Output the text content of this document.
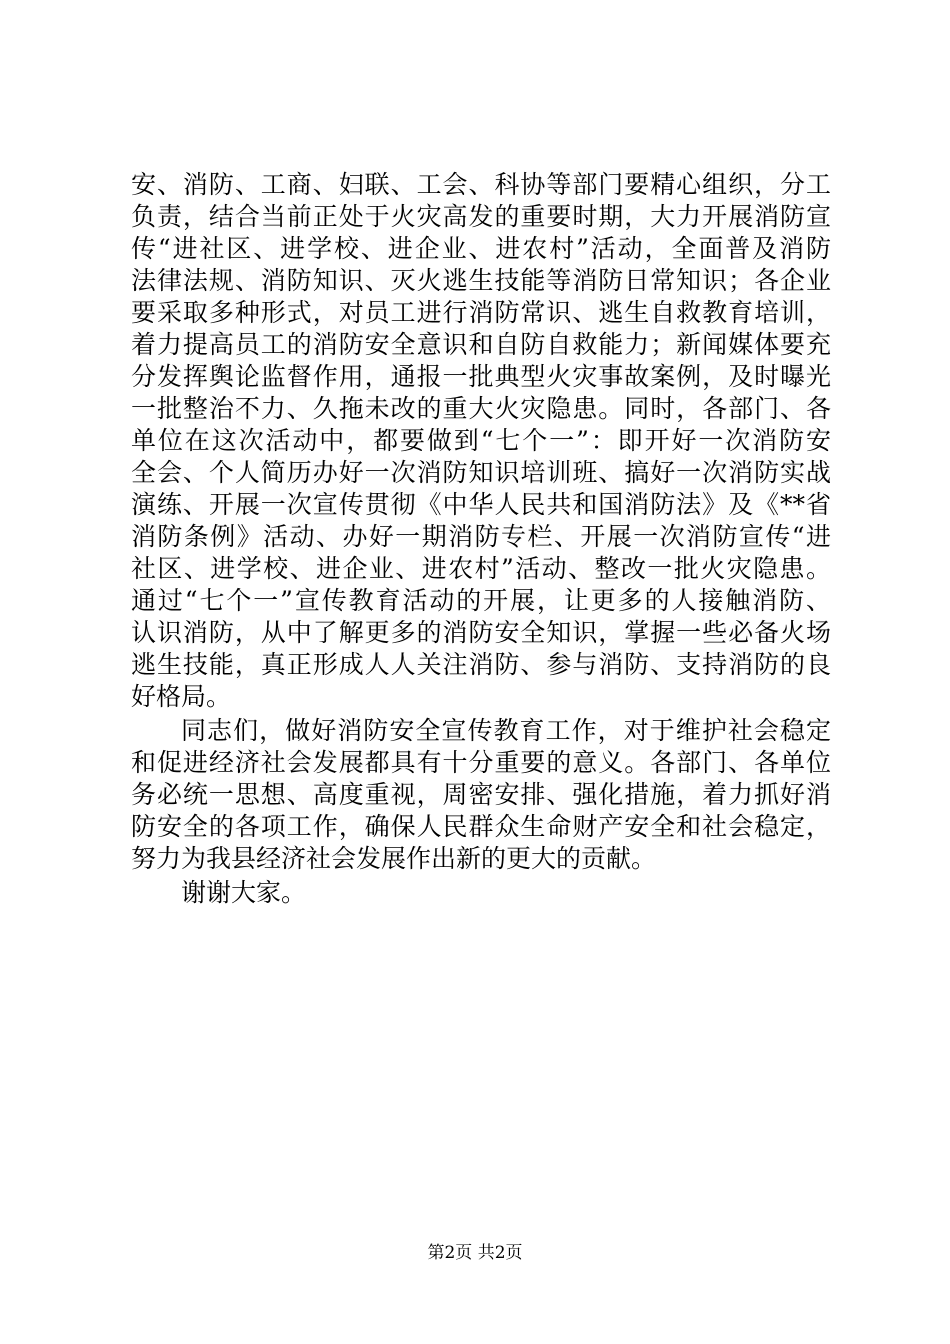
安、消防、工商、妇联、工会、科协等部门要精心组织，分工
负责，结合当前正处于火灾高发的重要时期，大力开展消防宣
传“进社区、进学校、进企业、进农村”活动，全面普及消防
法律法规、消防知识、灭火逃生技能等消防日常知识；各企业
要采取多种形式，对员工进行消防常识、逃生自救教育培训，
着力提高员工的消防安全意识和自防自救能力；新闻媒体要充
分发挥舆论监督作用，通报一批典型火灾事故案例，及时曝光
一批整治不力、久拖未改的重大火灾隐患。同时，各部门、各
单位在这次活动中，都要做到“七个一”：即开好一次消防安
全会、个人简历办好一次消防知识培训班、搞好一次消防实战
演练、开展一次宣传贯彻《中华人民共和国消防法》及《**省
消防条例》活动、办好一期消防专栏、开展一次消防宣传“进
社区、进学校、进企业、进农村”活动、整改一批火灾隐患。
通过“七个一”宣传教育活动的开展，让更多的人接触消防、
认识消防，从中了解更多的消防安全知识，掌握一些必备火场
逃生技能，真正形成人人关注消防、参与消防、支持消防的良
好格局。
同志们，做好消防安全宣传教育工作，对于维护社会稳定
和促进经济社会发展都具有十分重要的意义。各部门、各单位
务必统一思想、高度重视，周密安排、强化措施，着力抓好消
防安全的各项工作，确保人民群众生命财产安全和社会稳定，
努力为我县经济社会发展作出新的更大的贡献。
谢谢大家。
第2页 共2页
